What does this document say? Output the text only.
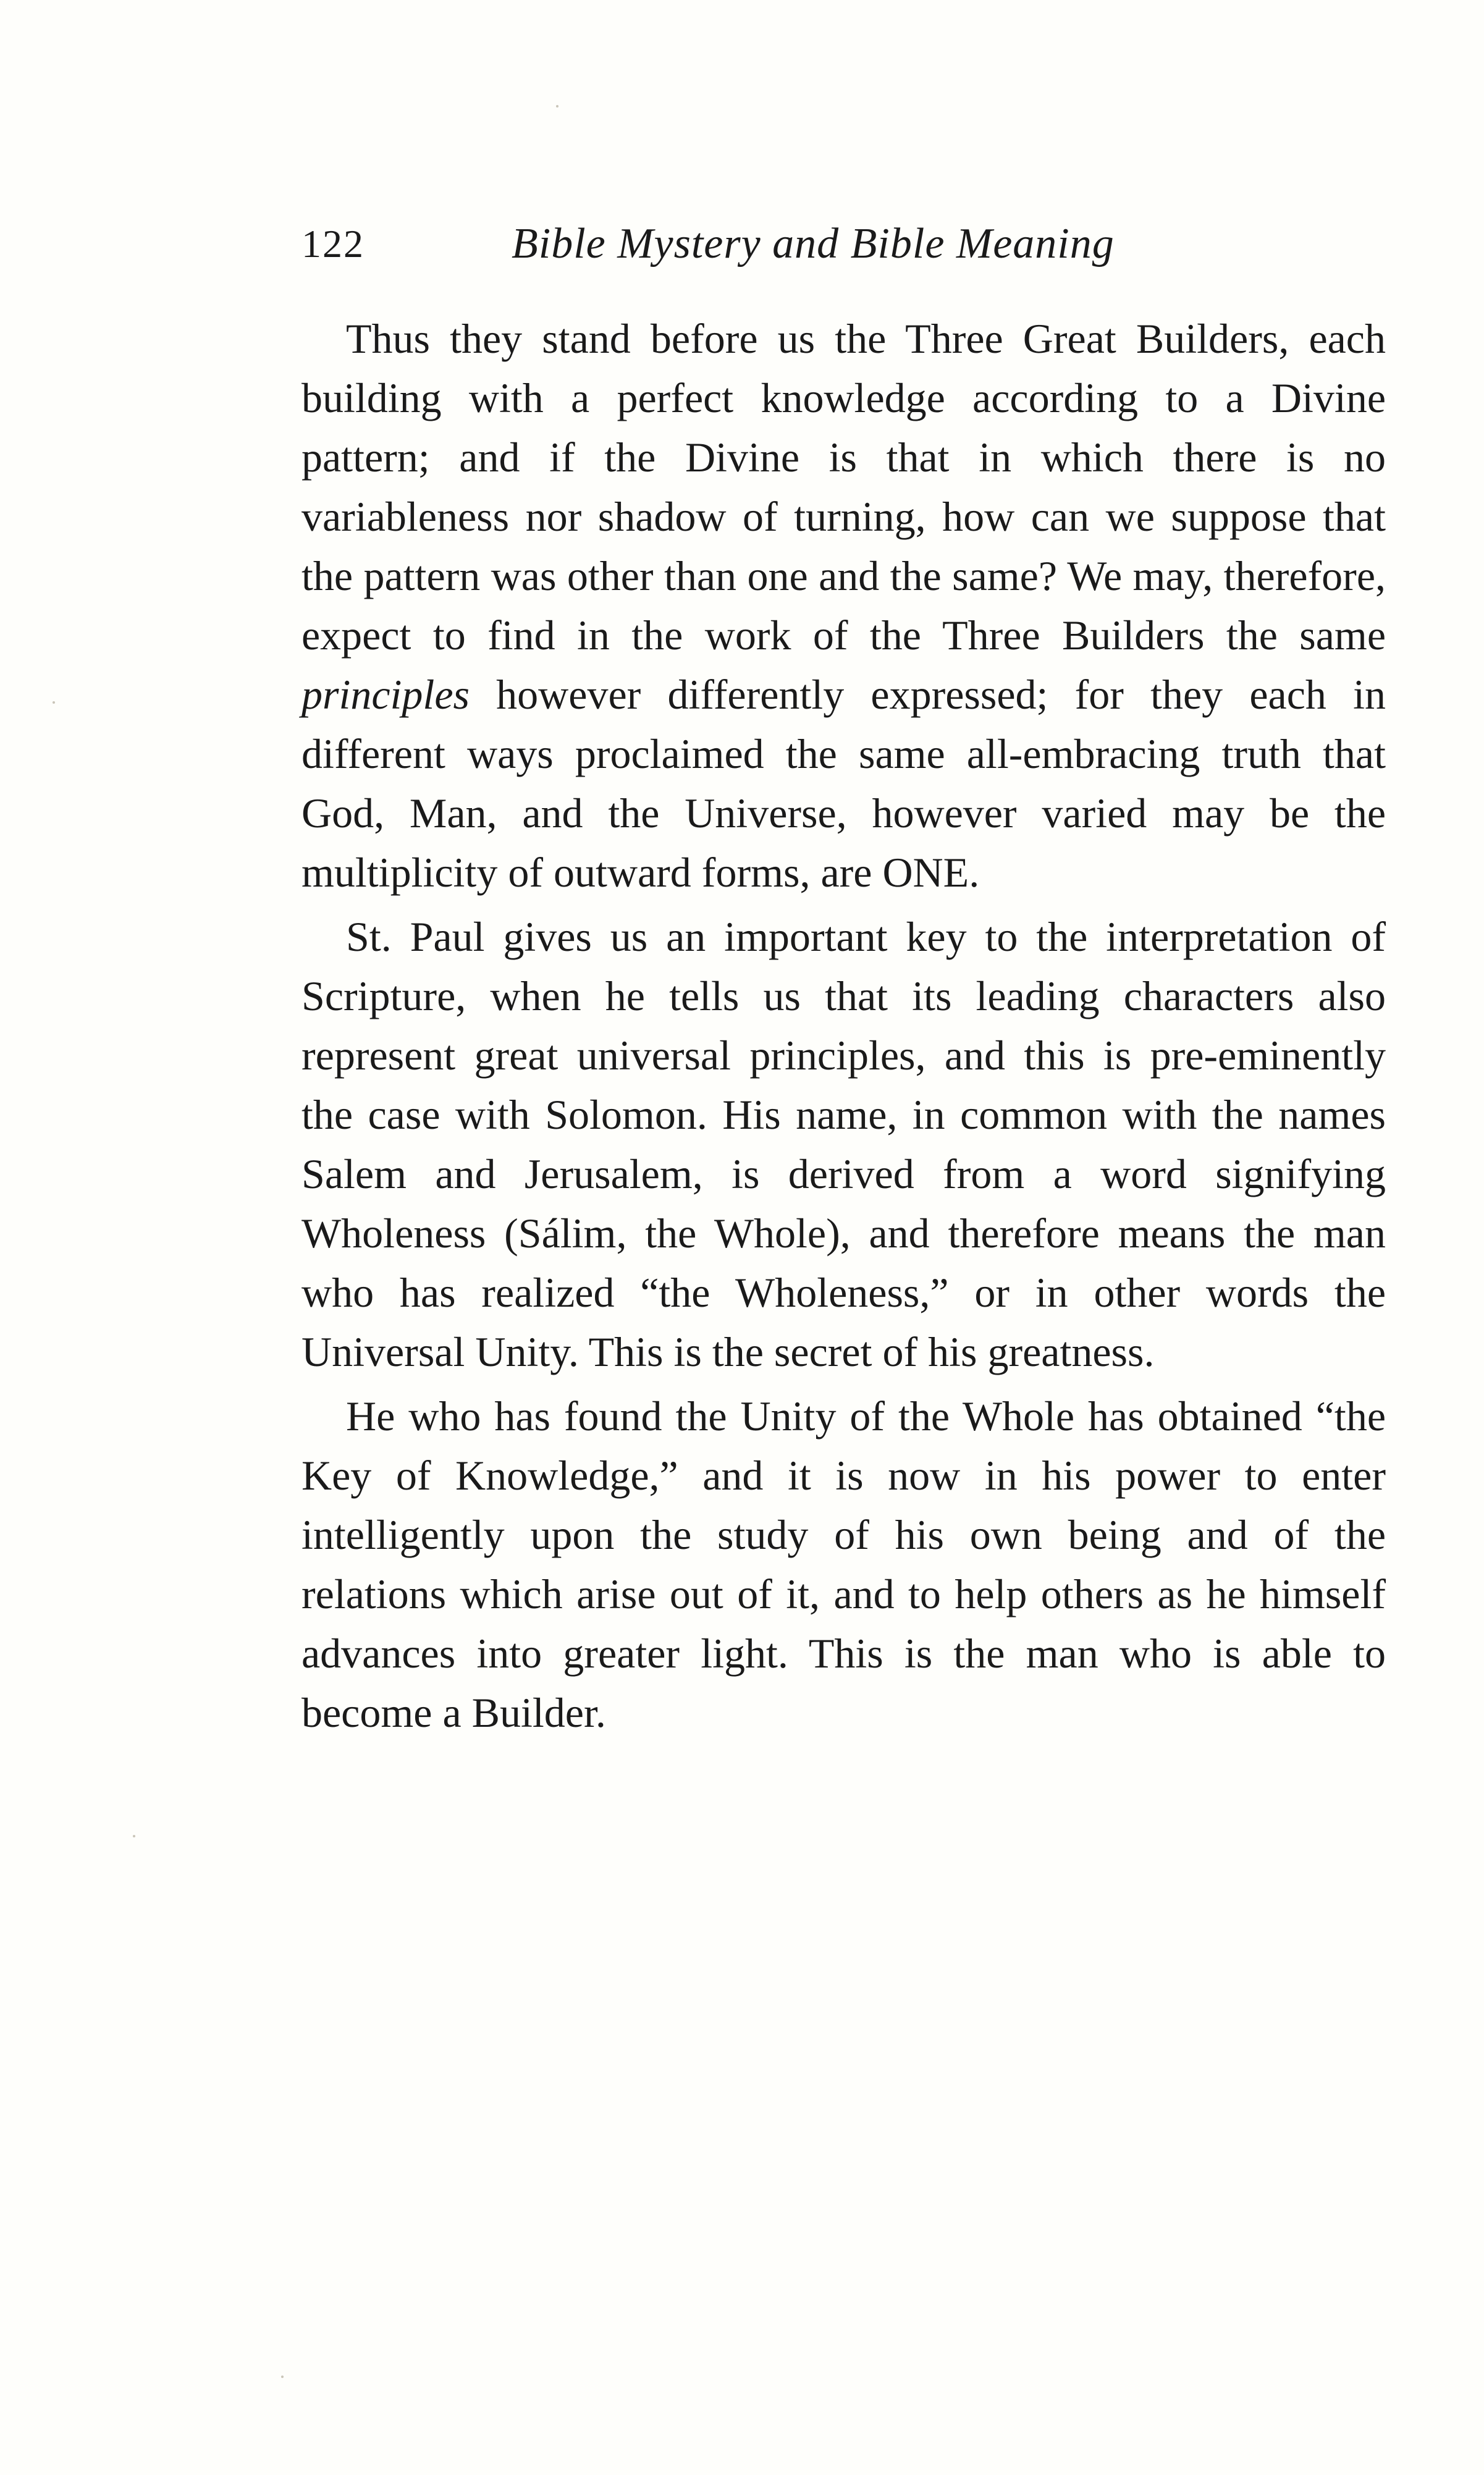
122	Bible Mystery and Bible Meaning

Thus they stand before us the Three Great Builders, each building with a perfect knowledge according to a Divine pattern; and if the Divine is that in which there is no variableness nor shadow of turning, how can we suppose that the pattern was other than one and the same? We may, therefore, expect to find in the work of the Three Builders the same principles however differently expressed; for they each in different ways proclaimed the same all-embracing truth that God, Man, and the Universe, however varied may be the multiplicity of outward forms, are ONE.

St. Paul gives us an important key to the interpretation of Scripture, when he tells us that its leading characters also represent great universal principles, and this is pre-eminently the case with Solomon. His name, in common with the names Salem and Jerusalem, is derived from a word signifying Wholeness (Sálim, the Whole), and therefore means the man who has realized “the Wholeness,” or in other words the Universal Unity. This is the secret of his greatness.

He who has found the Unity of the Whole has obtained “the Key of Knowledge,” and it is now in his power to enter intelligently upon the study of his own being and of the relations which arise out of it, and to help others as he himself advances into greater light. This is the man who is able to become a Builder.
